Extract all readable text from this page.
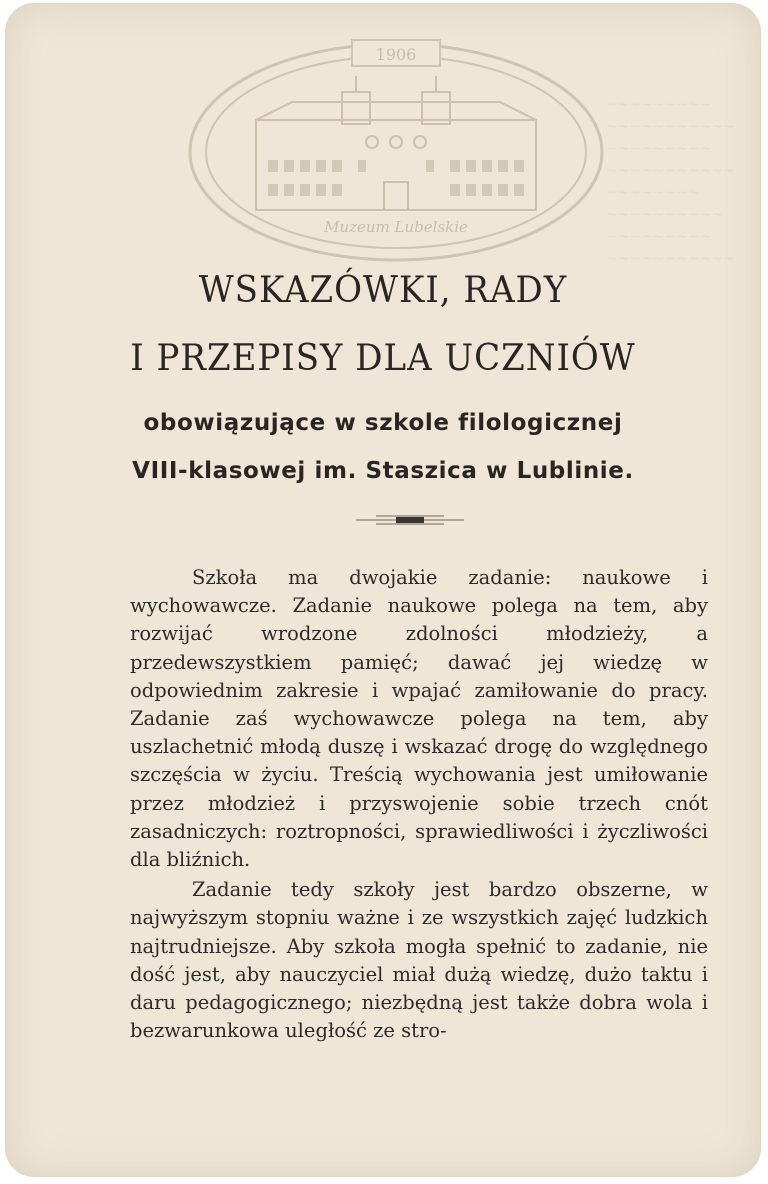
~~~~~~~~~
~~~~~~~~~~~
~~~~~~~~~
~~~~~~~~~~~
~~~~~~~~
~~~~~~~~~~
~~~~~~~~~
~~~~~~~~~~~
1906
Muzeum Lubelskie
WSKAZÓWKI, RADY
I PRZEPISY DLA UCZNIÓW
obowiązujące w szkole filologicznej
VIII-klasowej im. Staszica w Lublinie.

Szkoła ma dwojakie zadanie: naukowe i wychowawcze. Zadanie naukowe polega na tem, aby rozwijać wrodzone zdolności młodzieży, a przedewszystkiem pamięć; dawać jej wiedzę w odpowiednim zakresie i wpajać zamiłowanie do pracy. Zadanie zaś wychowawcze polega na tem, aby uszlachetnić młodą duszę i wskazać drogę do względnego szczęścia w życiu. Treścią wychowania jest umiłowanie przez młodzież i przyswojenie sobie trzech cnót zasadniczych: roztropności, sprawiedliwości i życzliwości dla bliźnich.

Zadanie tedy szkoły jest bardzo obszerne, w najwyższym stopniu ważne i ze wszystkich zajęć ludzkich najtrudniejsze. Aby szkoła mogła spełnić to zadanie, nie dość jest, aby nauczyciel miał dużą wiedzę, dużo taktu i daru pedagogicznego; niezbędną jest także dobra wola i bezwarunkowa uległość ze stro-
